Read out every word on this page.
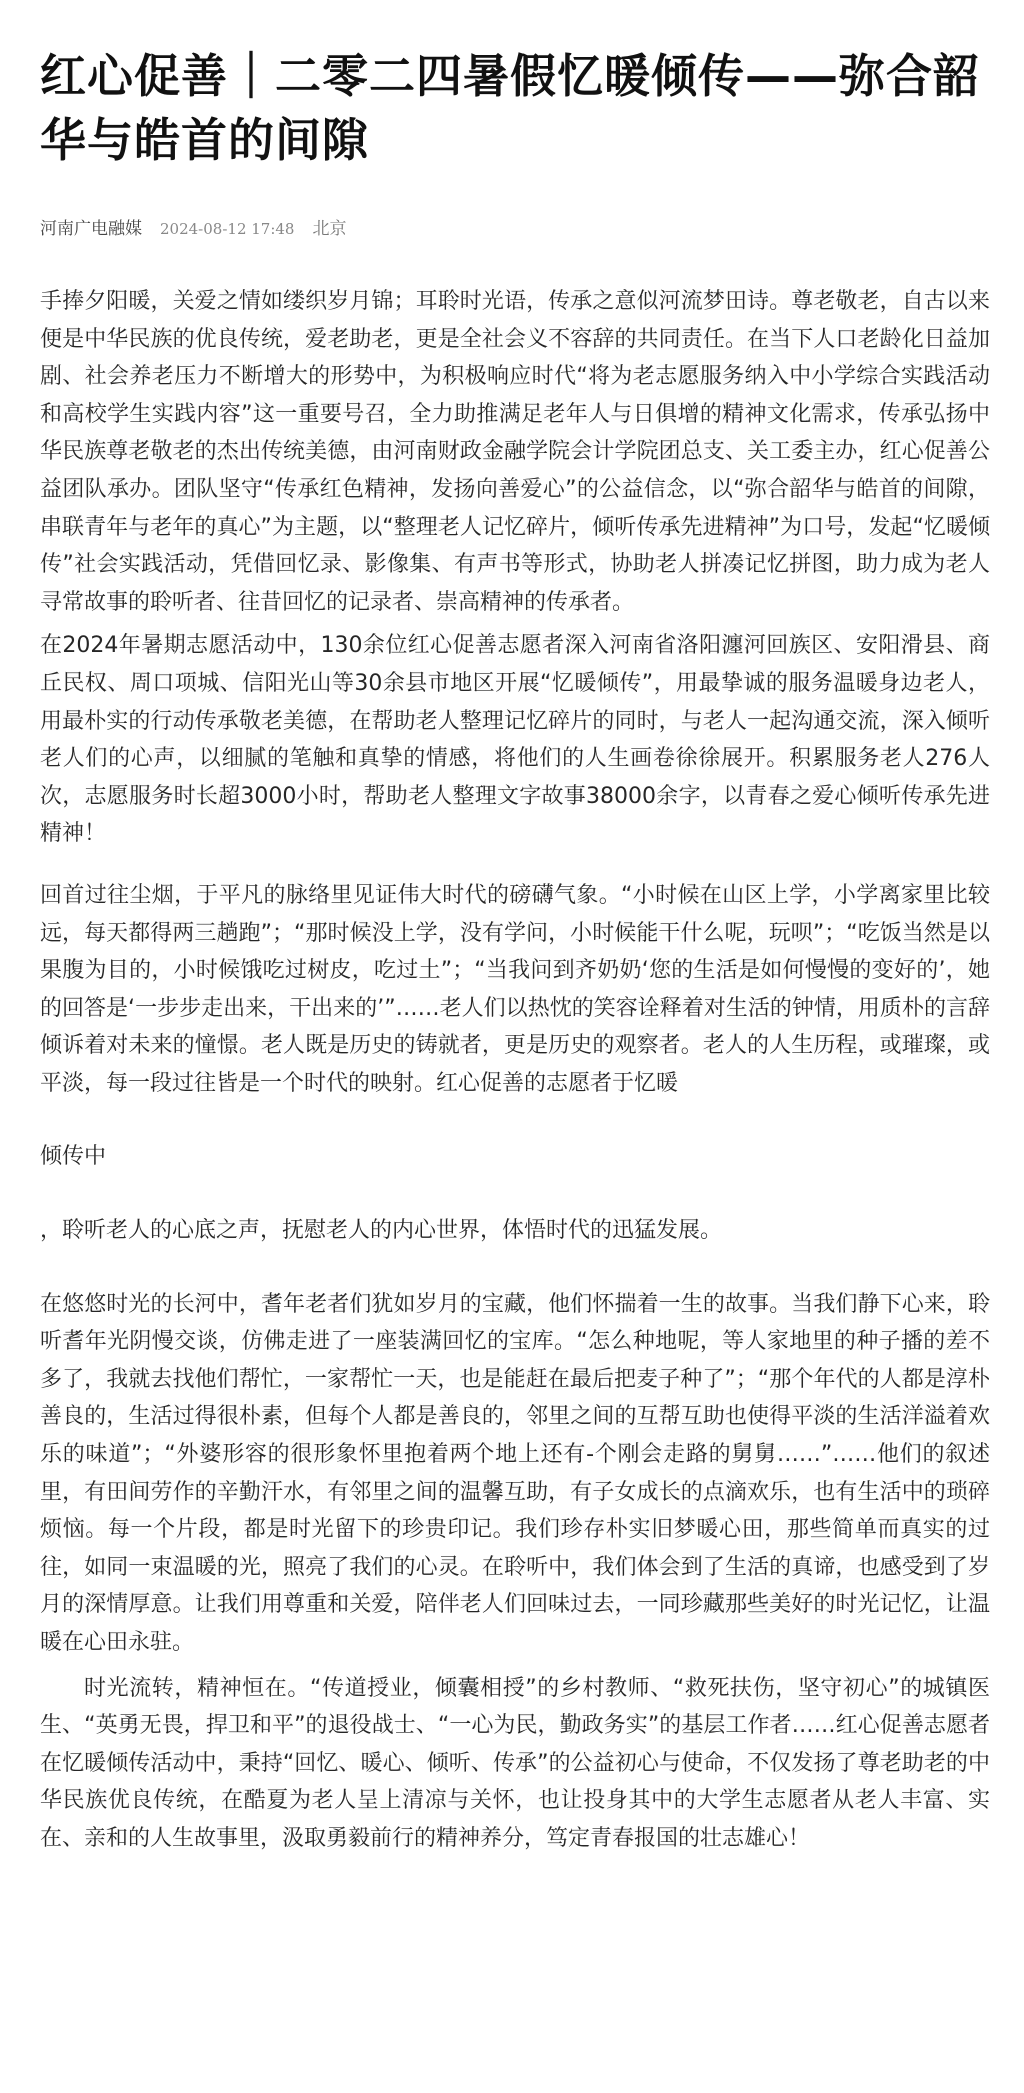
红心促善｜二零二四暑假忆暖倾传——弥合韶华与皓首的间隙
河南广电融媒 2024-08-12 17:48 北京

手捧夕阳暖，关爱之情如缕织岁月锦；耳聆时光语，传承之意似河流梦田诗。尊老敬老，自古以来便是中华民族的优良传统，爱老助老，更是全社会义不容辞的共同责任。在当下人口老龄化日益加剧、社会养老压力不断增大的形势中，为积极响应时代“将为老志愿服务纳入中小学综合实践活动和高校学生实践内容”这一重要号召，全力助推满足老年人与日俱增的精神文化需求，传承弘扬中华民族尊老敬老的杰出传统美德，由河南财政金融学院会计学院团总支、关工委主办，红心促善公益团队承办。团队坚守“传承红色精神，发扬向善爱心”的公益信念，以“弥合韶华与皓首的间隙，串联青年与老年的真心”为主题，以“整理老人记忆碎片，倾听传承先进精神”为口号，发起“忆暖倾传”社会实践活动，凭借回忆录、影像集、有声书等形式，协助老人拼凑记忆拼图，助力成为老人寻常故事的聆听者、往昔回忆的记录者、崇高精神的传承者。

在2024年暑期志愿活动中，130余位红心促善志愿者深入河南省洛阳瀍河回族区、安阳滑县、商丘民权、周口项城、信阳光山等30余县市地区开展“忆暖倾传”，用最挚诚的服务温暖身边老人，用最朴实的行动传承敬老美德，在帮助老人整理记忆碎片的同时，与老人一起沟通交流，深入倾听老人们的心声，以细腻的笔触和真挚的情感，将他们的人生画卷徐徐展开。积累服务老人276人次，志愿服务时长超3000小时，帮助老人整理文字故事38000余字，以青春之爱心倾听传承先进精神！

回首过往尘烟，于平凡的脉络里见证伟大时代的磅礴气象。“小时候在山区上学，小学离家里比较远，每天都得两三趟跑”；“那时候没上学，没有学问，小时候能干什么呢，玩呗”；“吃饭当然是以果腹为目的，小时候饿吃过树皮，吃过土”；“当我问到齐奶奶‘您的生活是如何慢慢的变好的’，她的回答是‘一步步走出来，干出来的’”……老人们以热忱的笑容诠释着对生活的钟情，用质朴的言辞倾诉着对未来的憧憬。老人既是历史的铸就者，更是历史的观察者。老人的人生历程，或璀璨，或平淡，每一段过往皆是一个时代的映射。红心促善的志愿者于忆暖

倾传中

，聆听老人的心底之声，抚慰老人的内心世界，体悟时代的迅猛发展。

在悠悠时光的长河中，耆年老者们犹如岁月的宝藏，他们怀揣着一生的故事。当我们静下心来，聆听耆年光阴慢交谈，仿佛走进了一座装满回忆的宝库。“怎么种地呢，等人家地里的种子播的差不多了，我就去找他们帮忙，一家帮忙一天，也是能赶在最后把麦子种了”；“那个年代的人都是淳朴善良的，生活过得很朴素，但每个人都是善良的，邻里之间的互帮互助也使得平淡的生活洋溢着欢乐的味道”；“外婆形容的很形象怀里抱着两个地上还有-个刚会走路的舅舅……”……他们的叙述里，有田间劳作的辛勤汗水，有邻里之间的温馨互助，有子女成长的点滴欢乐，也有生活中的琐碎烦恼。每一个片段，都是时光留下的珍贵印记。我们珍存朴实旧梦暖心田，那些简单而真实的过往，如同一束温暖的光，照亮了我们的心灵。在聆听中，我们体会到了生活的真谛，也感受到了岁月的深情厚意。让我们用尊重和关爱，陪伴老人们回味过去，一同珍藏那些美好的时光记忆，让温暖在心田永驻。

时光流转，精神恒在。“传道授业，倾囊相授”的乡村教师、“救死扶伤，坚守初心”的城镇医生、“英勇无畏，捍卫和平”的退役战士、“一心为民，勤政务实”的基层工作者……红心促善志愿者在忆暖倾传活动中，秉持“回忆、暖心、倾听、传承”的公益初心与使命，不仅发扬了尊老助老的中华民族优良传统，在酷夏为老人呈上清凉与关怀，也让投身其中的大学生志愿者从老人丰富、实在、亲和的人生故事里，汲取勇毅前行的精神养分，笃定青春报国的壮志雄心！
